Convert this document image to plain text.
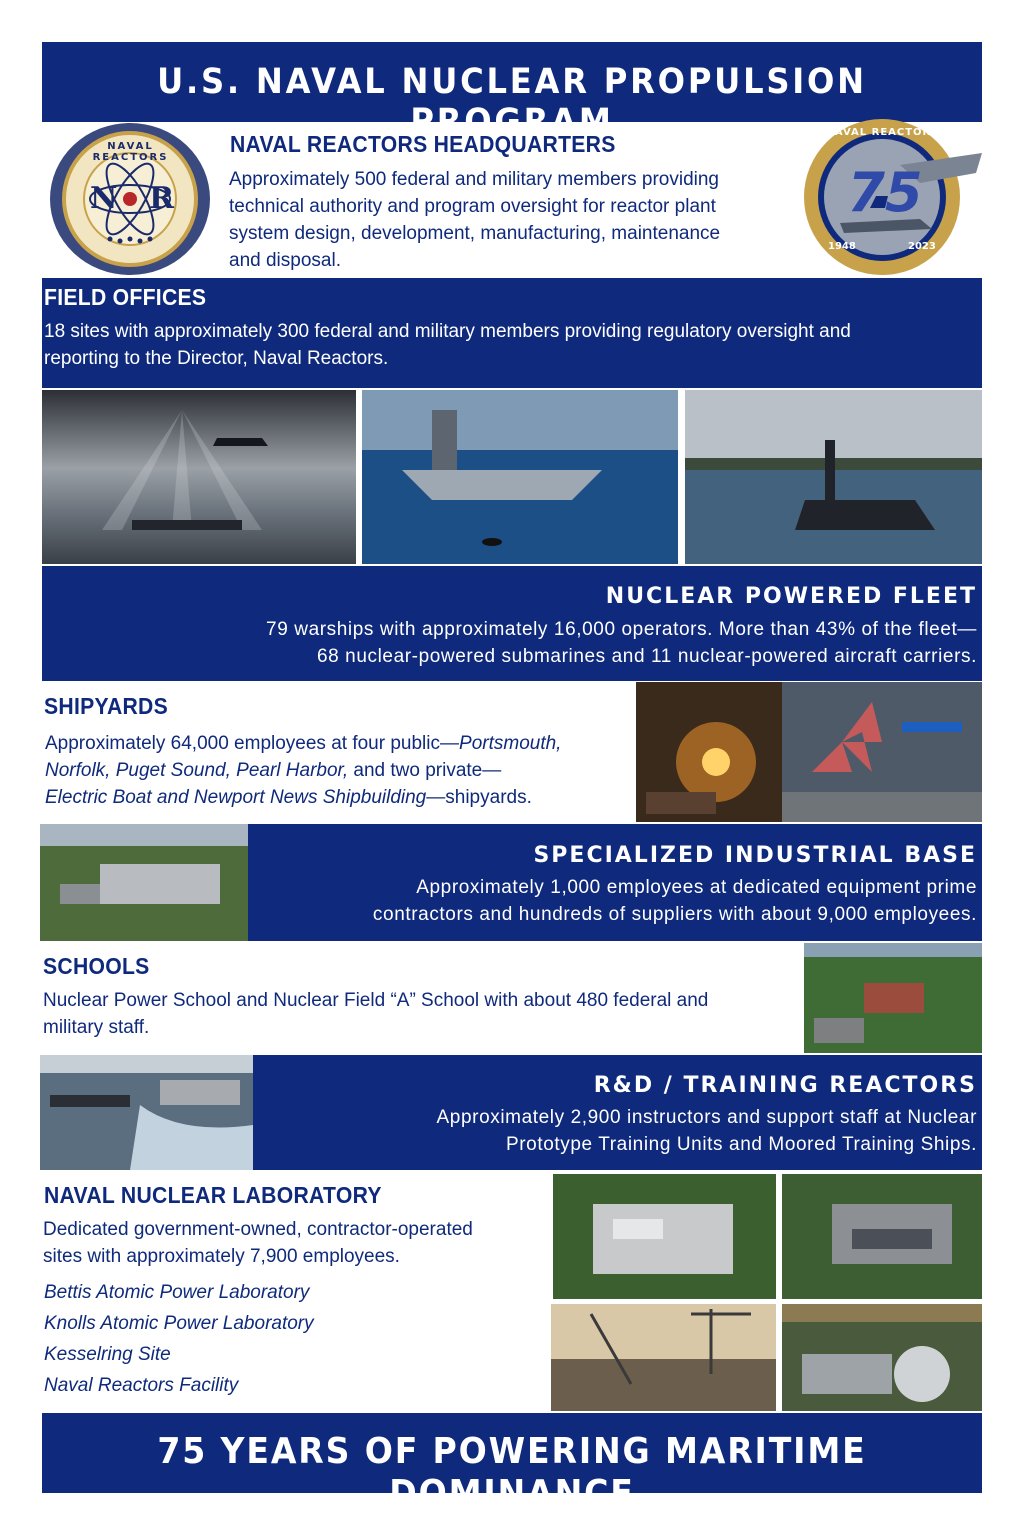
U.S. NAVAL NUCLEAR PROPULSION PROGRAM
NAVAL REACTORS
N R
NAVAL REACTORS HEADQUARTERS
Approximately 500 federal and military members providing
technical authority and program oversight for reactor plant
system design, development, manufacturing, maintenance
and disposal.
NAVAL REACTORS
75
1948	2023
FIELD OFFICES
18 sites with approximately 300 federal and military members providing regulatory oversight and
reporting to the Director, Naval Reactors.
NUCLEAR POWERED FLEET
79 warships with approximately 16,000 operators. More than 43% of the fleet—
68 nuclear-powered submarines and 11 nuclear-powered aircraft carriers.
SHIPYARDS
Approximately 64,000 employees at four public—Portsmouth,
Norfolk, Puget Sound, Pearl Harbor, and two private—
Electric Boat and Newport News Shipbuilding—shipyards.
SPECIALIZED INDUSTRIAL BASE
Approximately 1,000 employees at dedicated equipment prime
contractors and hundreds of suppliers with about 9,000 employees.
SCHOOLS
Nuclear Power School and Nuclear Field “A” School with about 480 federal and
military staff.
R&D / TRAINING REACTORS
Approximately 2,900 instructors and support staff at Nuclear
Prototype Training Units and Moored Training Ships.
NAVAL NUCLEAR LABORATORY
Dedicated government-owned, contractor-operated
sites with approximately 7,900 employees.
Bettis Atomic Power Laboratory
Knolls Atomic Power Laboratory
Kesselring Site
Naval Reactors Facility
75 YEARS OF POWERING MARITIME DOMINANCE
